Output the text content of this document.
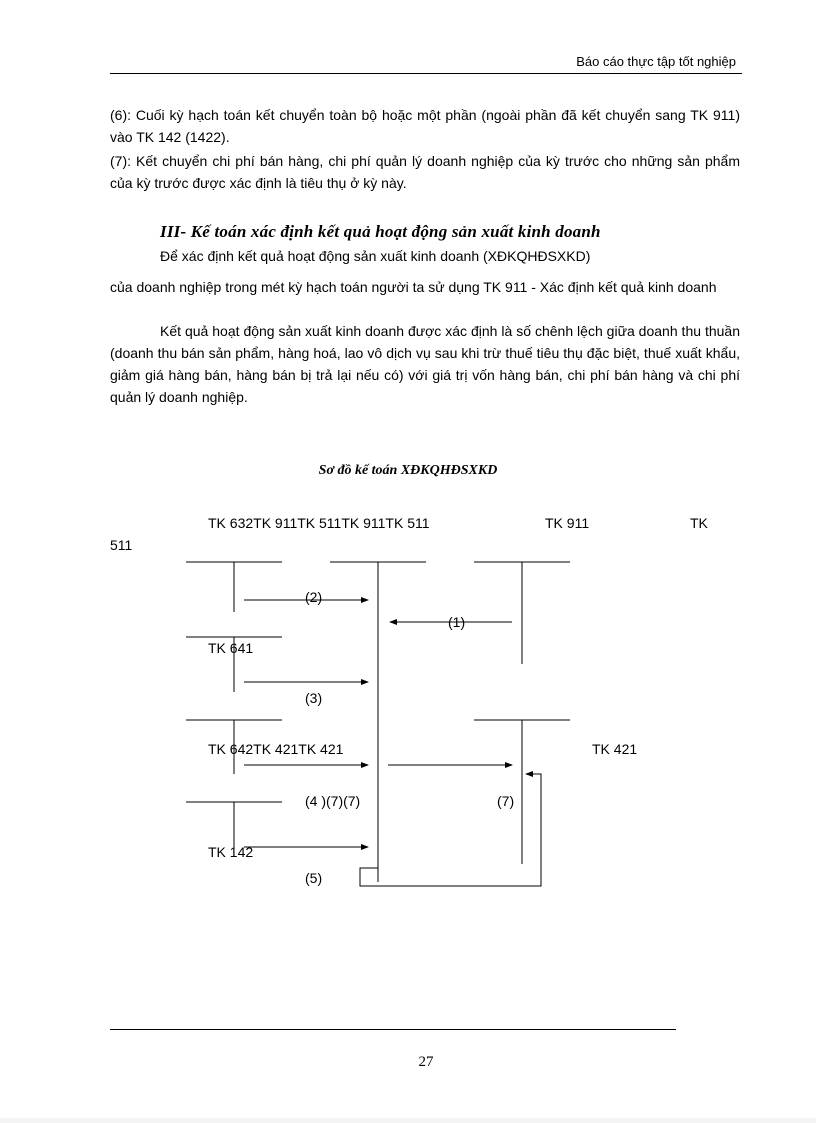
Báo cáo thực tập tốt nghiệp

(6): Cuối kỳ hạch toán kết chuyển toàn bộ hoặc một phần (ngoài phần đã kết chuyển sang TK 911) vào TK 142 (1422).

(7): Kết chuyển chi phí bán hàng, chi phí quản lý doanh nghiệp của kỳ trước cho những sản phẩm của kỳ trước được xác định là tiêu thụ ở kỳ này.

III- Kế toán xác định kết quả hoạt động sản xuất kinh doanh
Để xác định kết quả hoạt động sản xuất kinh doanh (XĐKQHĐSXKD)

của doanh nghiệp trong mét kỳ hạch toán người ta sử dụng TK 911 - Xác định kết quả kinh doanh

Kết quả hoạt động sản xuất kinh doanh được xác định là số chênh lệch giữa doanh thu thuần (doanh thu bán sản phẩm, hàng hoá, lao vô dịch vụ sau khi trừ thuế tiêu thụ đặc biệt, thuế xuất khẩu, giảm giá hàng bán, hàng bán bị trả lại nếu có) với giá trị vốn hàng bán, chi phí bán hàng và chi phí quản lý doanh nghiệp.

Sơ đồ kế toán XĐKQHĐSXKD
TK 632TK 911TK 511TK 911TK 511	TK 911	TK
511
TK 641
TK 642TK 421TK 421	TK 421
TK 142
(1)
(2)
(3)
(4 )(7)(7)	(7)
(5)
27
